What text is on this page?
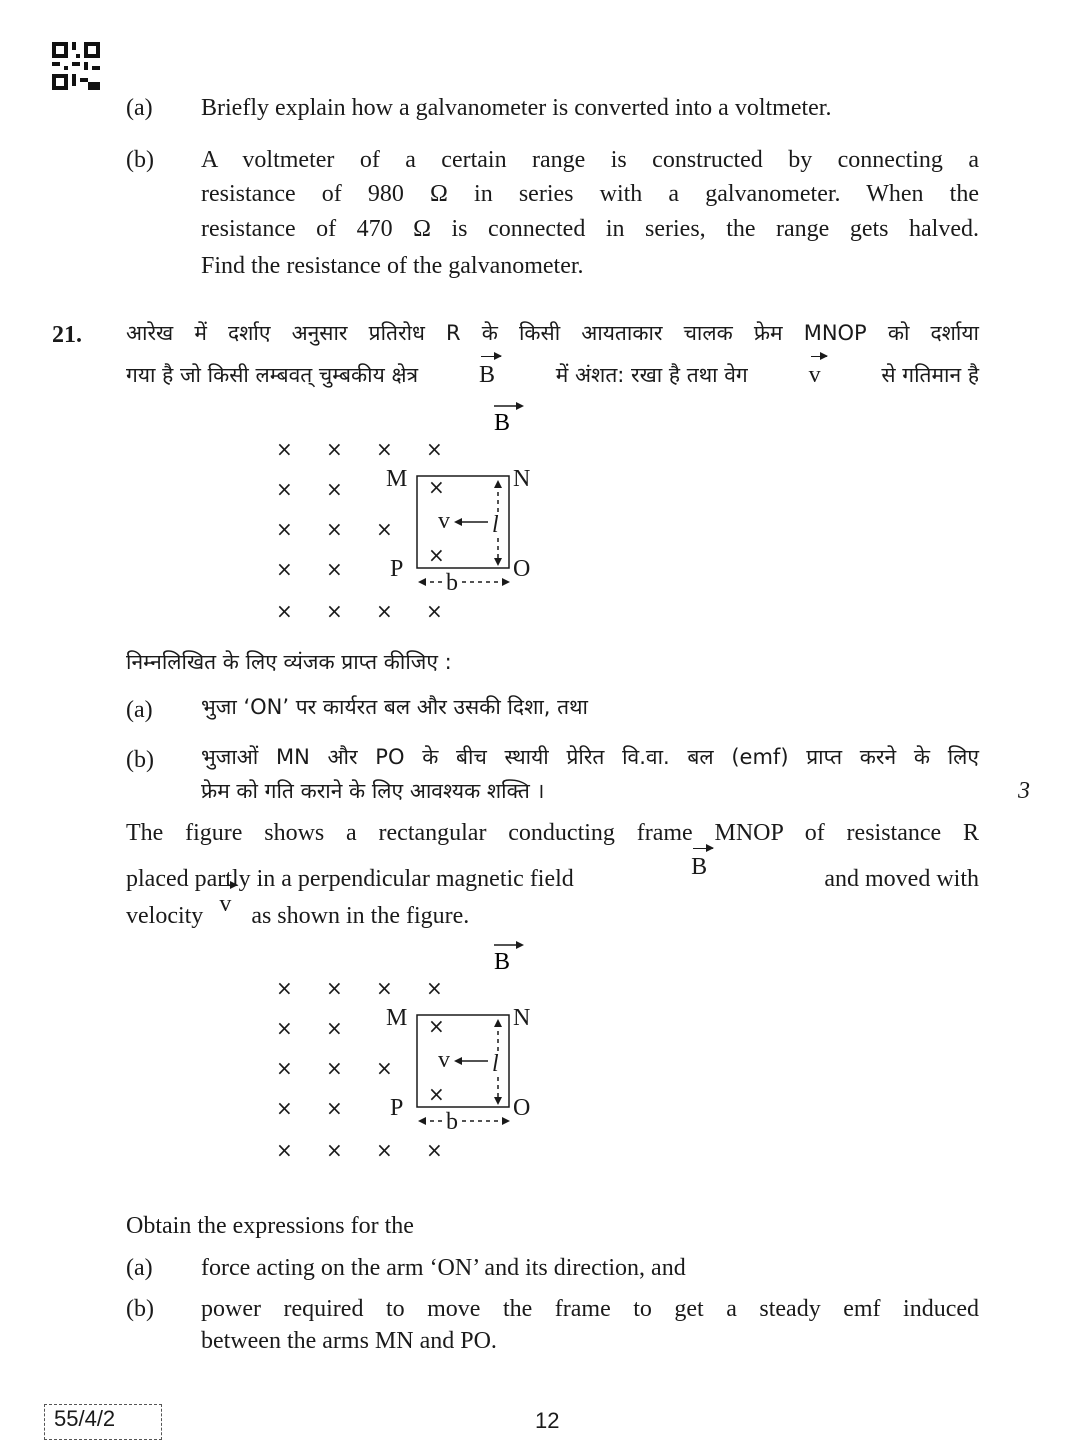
(a) Briefly explain how a galvanometer is converted into a voltmeter.
(b) A voltmeter of a certain range is constructed by connecting a
resistance of 980 Ω in series with a galvanometer. When the
resistance of 470 Ω is connected in series, the range gets halved.
Find the resistance of the galvanometer.
21. आरेख में दर्शाए अनुसार प्रतिरोध R के किसी आयताकार चालक फ्रेम MNOP को दर्शाया
गया है जो किसी लम्बवत् चुम्बकीय क्षेत्र	B	में अंशत: रखा है तथा वेग	v	से गतिमान है
B
× × × ×
× ×	×
× × ×
× ×
×
× × × ×
M	N
P	O
v l
b
निम्नलिखित के लिए व्यंजक प्राप्त कीजिए :
(a) भुजा ‘ON’ पर कार्यरत बल और उसकी दिशा, तथा
(b) भुजाओं MN और PO के बीच स्थायी प्रेरित वि.वा. बल (emf) प्राप्त करने के लिए
फ्रेम को गति कराने के लिए आवश्यक शक्ति ।	3
The figure shows a rectangular conducting frame MNOP of resistance R
placed partly in a perpendicular magnetic field	B	and moved with
velocity v as shown in the figure.
B
× × × ×
× ×	×
× × ×
× ×
×
× × × ×
M	N
P	O
v l
b
Obtain the expressions for the
(a) force acting on the arm ‘ON’ and its direction, and
(b) power required to move the frame to get a steady emf induced
between the arms MN and PO.
55/4/2	12
